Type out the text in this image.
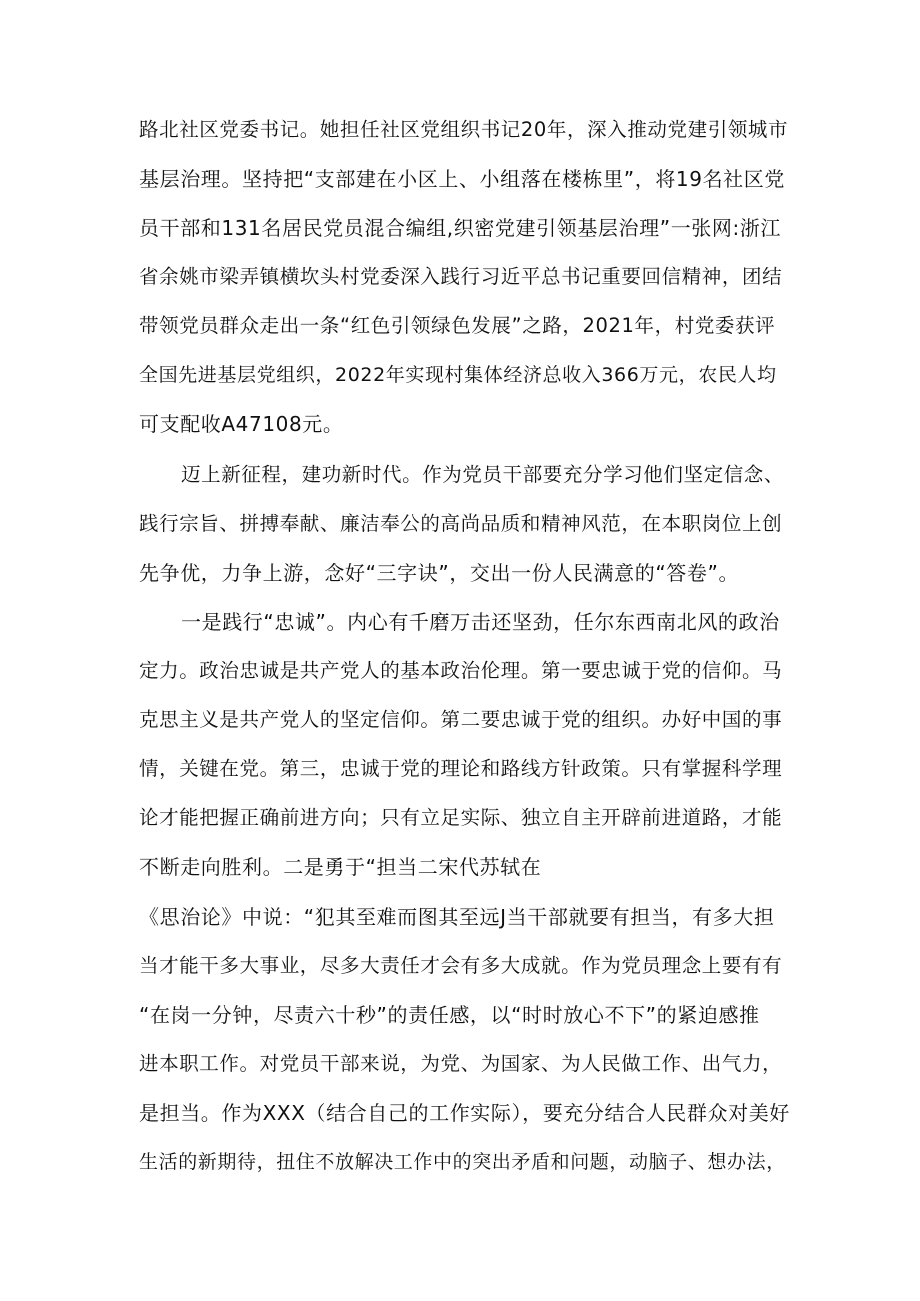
路北社区党委书记。她担任社区党组织书记20年，深入推动党建引领城市
基层治理。坚持把“支部建在小区上、小组落在楼栋里”，将19名社区党
员干部和131名居民党员混合编组,织密党建引领基层治理”一张网:浙江
省余姚市梁弄镇横坎头村党委深入践行习近平总书记重要回信精神，团结
带领党员群众走出一条“红色引领绿色发展”之路，2021年，村党委获评
全国先进基层党组织，2022年实现村集体经济总收入366万元，农民人均
可支配收A47108元。
迈上新征程，建功新时代。作为党员干部要充分学习他们坚定信念、
践行宗旨、拼搏奉献、廉洁奉公的高尚品质和精神风范，在本职岗位上创
先争优，力争上游，念好“三字诀”，交出一份人民满意的“答卷”。
一是践行“忠诚”。内心有千磨万击还坚劲，任尔东西南北风的政治
定力。政治忠诚是共产党人的基本政治伦理。第一要忠诚于党的信仰。马
克思主义是共产党人的坚定信仰。第二要忠诚于党的组织。办好中国的事
情，关键在党。第三，忠诚于党的理论和路线方针政策。只有掌握科学理
论才能把握正确前进方向；只有立足实际、独立自主开辟前进道路，才能
不断走向胜利。二是勇于“担当二宋代苏轼在
《思治论》中说：“犯其至难而图其至远J当干部就要有担当，有多大担
当才能干多大事业，尽多大责任才会有多大成就。作为党员理念上要有有
“在岗一分钟，尽责六十秒”的责任感，以“时时放心不下”的紧迫感推
进本职工作。对党员干部来说，为党、为国家、为人民做工作、出气力，
是担当。作为XXX（结合自己的工作实际），要充分结合人民群众对美好
生活的新期待，扭住不放解决工作中的突出矛盾和问题，动脑子、想办法，
